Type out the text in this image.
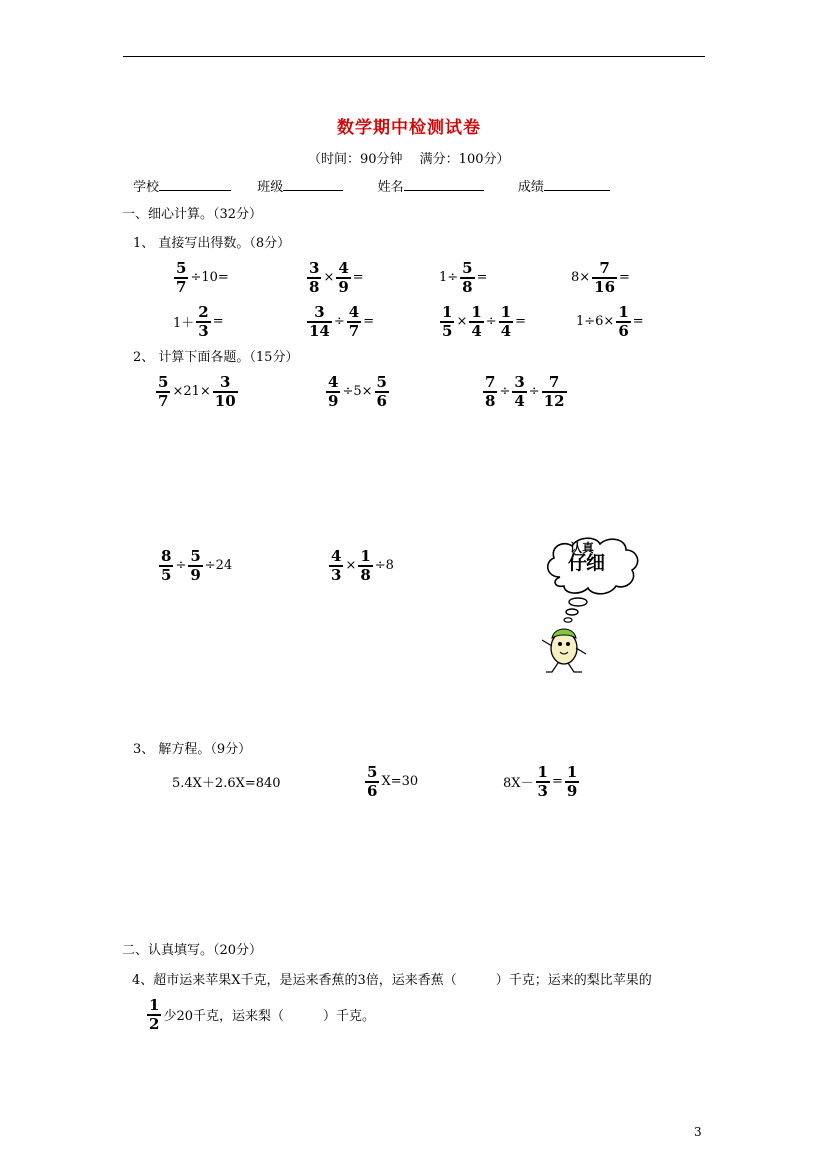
数学期中检测试卷
（时间：90分钟　 满分：100分）
学校	班级	姓名	成绩
一、细心计算。（32分）
1、 直接写出得数。（8分）
$\frac{5}{7} \div 10=$	$\frac{3}{8} \times \frac{4}{9}$ =	$1\div \frac{5}{8}$ =	$8\times \frac{7}{16}$ =
$1+ \frac{2}{3}$ =	$\frac{3}{14} \div \frac{4}{7}$ =	$\frac{1}{5} \times \frac{1}{4} \div \frac{1}{4}$ =	$1\div 6\times \frac{1}{6}$ =
2、 计算下面各题。（15分）
$\frac{5}{7} \times 21\times \frac{3}{10}$	$\frac{4}{9} \div 5\times \frac{5}{6}$	$\frac{7}{8} \div \frac{3}{4} \div \frac{7}{12}$
$\frac{8}{5} \div \frac{5}{9} \div 24$	$\frac{4}{3} \times \frac{1}{8} \div 8$	仔细
认真
3、 解方程。（9分）
5.4X＋2.6X=840	$\frac{5}{6} X=30$	$8X- \frac{1}{3} = \frac{1}{9}$
二、认真填写。（20分）
4、超市运来苹果X千克，是运来香蕉的3倍，运来香蕉（　　　）千克；运来的梨比苹果的
$\frac{1}{2}$ 少20千克，运来梨（　　　）千克。
3
